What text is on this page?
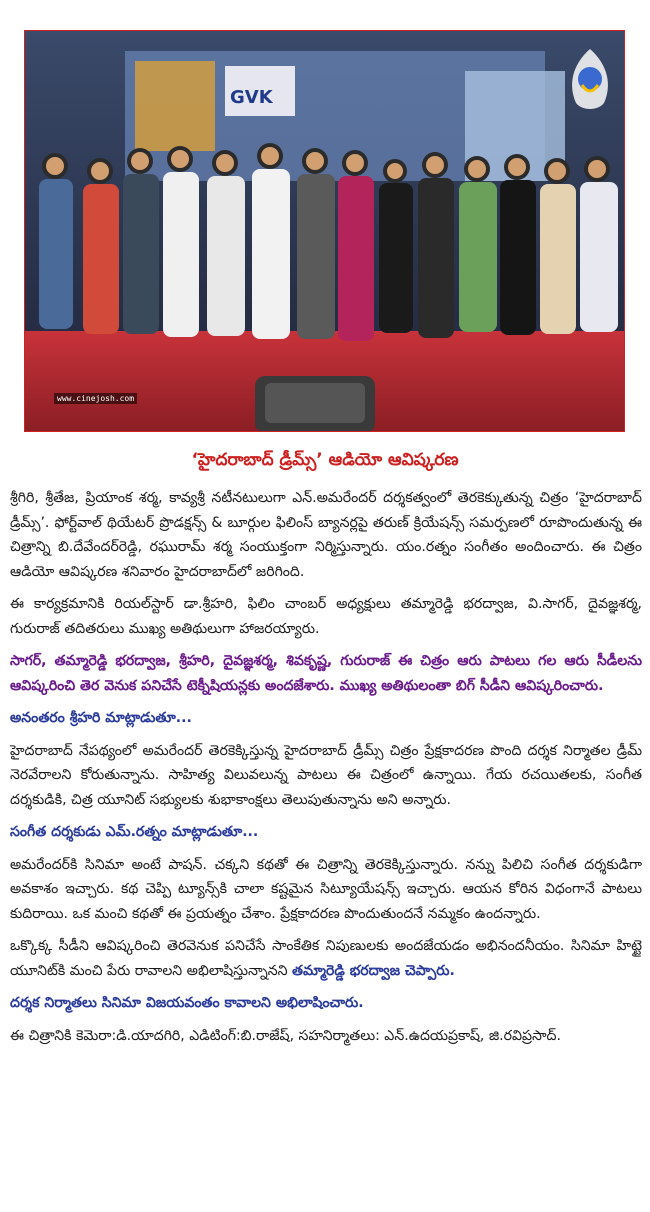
GVK
www.cinejosh.com
‘హైదరాబాద్ డ్రీమ్స్’ ఆడియో ఆవిష్కరణ

శ్రీగిరి, శ్రీతేజ, ప్రియాంక శర్మ, కావ్యశ్రీ నటీనటులుగా ఎన్.అమరేందర్ దర్శకత్వంలో తెరకెక్కుతున్న చిత్రం ‘హైదరాబాద్ డ్రీమ్స్’. ఫోర్ట్‌వాల్ థియేటర్ ప్రొడక్షన్స్ & బూర్గుల ఫిలింస్ బ్యానర్లపై తరుణ్ క్రియేషన్స్ సమర్పణలో రూపొందుతున్న ఈ చిత్రాన్ని బి.దేవేందర్‌రెడ్డి, రఘురామ్ శర్మ సంయుక్తంగా నిర్మిస్తున్నారు. యం.రత్నం సంగీతం అందించారు. ఈ చిత్రం ఆడియో ఆవిష్కరణ శనివారం హైదరాబాద్‌లో జరిగింది.

ఈ కార్యక్రమానికి రియల్‌స్టార్ డా.శ్రీహరి, ఫిలిం చాంబర్ అధ్యక్షులు తమ్మారెడ్డి భరద్వాజ, వి.సాగర్, దైవజ్ఞశర్మ, గురురాజ్ తదితరులు ముఖ్య అతిథులుగా హాజరయ్యారు.

సాగర్, తమ్మారెడ్డి భరద్వాజ, శ్రీహరి, దైవజ్ఞశర్మ, శివకృష్ణ, గురురాజ్ ఈ చిత్రం ఆరు పాటలు గల ఆరు సీడీలను ఆవిష్కరించి తెర వెనుక పనిచేసే టెక్నీషియన్లకు అందజేశారు. ముఖ్య అతిథులంతా బిగ్ సీడీని ఆవిష్కరించారు.

అనంతరం శ్రీహరి మాట్లాడుతూ...

హైదరాబాద్ నేపథ్యంలో అమరేందర్ తెరకెక్కిస్తున్న హైదరాబాద్ డ్రీమ్స్ చిత్రం ప్రేక్షకాదరణ పొంది దర్శక నిర్మాతల డ్రీమ్ నెరవేరాలని కోరుతున్నాను. సాహిత్య విలువలున్న పాటలు ఈ చిత్రంలో ఉన్నాయి. గేయ రచయితలకు, సంగీత దర్శకుడికి, చిత్ర యూనిట్ సభ్యులకు శుభాకాంక్షలు తెలుపుతున్నాను అని అన్నారు.

సంగీత దర్శకుడు ఎమ్.రత్నం మాట్లాడుతూ...

అమరేందర్‌కి సినిమా అంటే పాషన్. చక్కని కథతో ఈ చిత్రాన్ని తెరకెక్కిస్తున్నారు. నన్ను పిలిచి సంగీత దర్శకుడిగా అవకాశం ఇచ్చారు. కథ చెప్పి ట్యూన్స్‌కి చాలా కష్టమైన సిట్యూయేషన్స్ ఇచ్చారు. ఆయన కోరిన విధంగానే పాటలు కుదిరాయి. ఒక మంచి కథతో ఈ ప్రయత్నం చేశాం. ప్రేక్షకాదరణ పొందుతుందనే నమ్మకం ఉందన్నారు.

ఒక్కొక్క సీడీని ఆవిష్కరించి తెరవెనుక పనిచేసే సాంకేతిక నిపుణులకు అందజేయడం అభినందనీయం. సినిమా హిట్టై యూనిట్‌కి మంచి పేరు రావాలని అభిలాషిస్తున్నానని తమ్మారెడ్డి భరద్వాజ చెప్పారు.

దర్శక నిర్మాతలు సినిమా విజయవంతం కావాలని అభిలాషించారు.

ఈ చిత్రానికి కెమెరా:డి.యాదగిరి, ఎడిటింగ్:బి.రాజేష్, సహనిర్మాతలు: ఎన్.ఉదయప్రకాష్, జి.రవిప్రసాద్.
